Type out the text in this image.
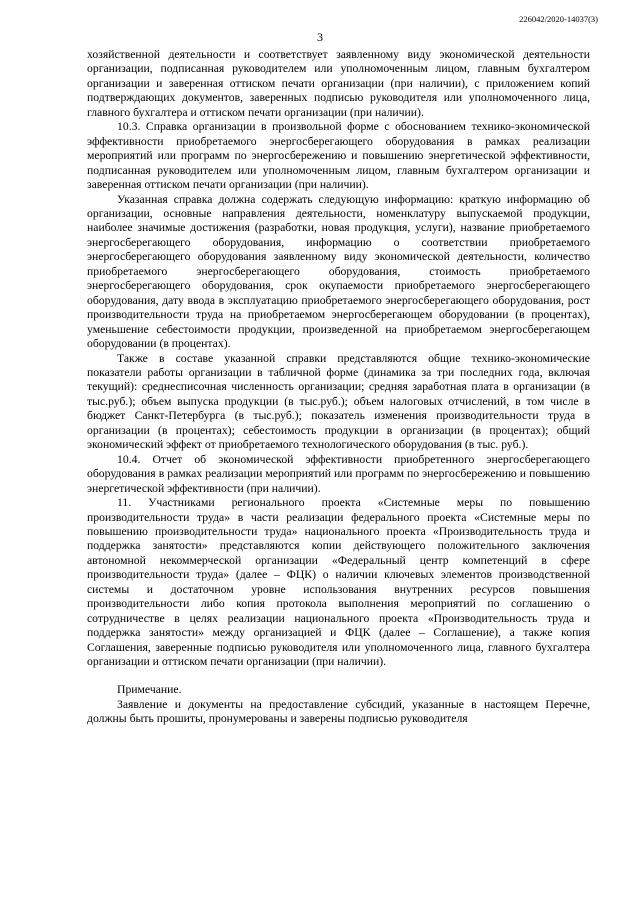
226042/2020-14037(3)
3

хозяйственной деятельности и соответствует заявленному виду экономической деятельности организации, подписанная руководителем или уполномоченным лицом, главным бухгалтером организации и заверенная оттиском печати организации (при наличии), с приложением копий подтверждающих документов, заверенных подписью руководителя или уполномоченного лица, главного бухгалтера и оттиском печати организации (при наличии).

10.3. Справка организации в произвольной форме с обоснованием технико-экономической эффективности приобретаемого энергосберегающего оборудования в рамках реализации мероприятий или программ по энергосбережению и повышению энергетической эффективности, подписанная руководителем или уполномоченным лицом, главным бухгалтером организации и заверенная оттиском печати организации (при наличии).

Указанная справка должна содержать следующую информацию: краткую информацию об организации, основные направления деятельности, номенклатуру выпускаемой продукции, наиболее значимые достижения (разработки, новая продукция, услуги), название приобретаемого энергосберегающего оборудования, информацию о соответствии приобретаемого энергосберегающего оборудования заявленному виду экономической деятельности, количество приобретаемого энергосберегающего оборудования, стоимость приобретаемого энергосберегающего оборудования, срок окупаемости приобретаемого энергосберегающего оборудования, дату ввода в эксплуатацию приобретаемого энергосберегающего оборудования, рост производительности труда на приобретаемом энергосберегающем оборудовании (в процентах), уменьшение себестоимости продукции, произведенной на приобретаемом энергосберегающем оборудовании (в процентах).

Также в составе указанной справки представляются общие технико-экономические показатели работы организации в табличной форме (динамика за три последних года, включая текущий): среднесписочная численность организации; средняя заработная плата в организации (в тыс.руб.); объем выпуска продукции (в тыс.руб.); объем налоговых отчислений, в том числе в бюджет Санкт-Петербурга (в тыс.руб.); показатель изменения производительности труда в организации (в процентах); себестоимость продукции в организации (в процентах); общий экономический эффект от приобретаемого технологического оборудования (в тыс. руб.).

10.4. Отчет об экономической эффективности приобретенного энергосберегающего оборудования в рамках реализации мероприятий или программ по энергосбережению и повышению энергетической эффективности (при наличии).

11. Участниками регионального проекта «Системные меры по повышению производительности труда» в части реализации федерального проекта «Системные меры по повышению производительности труда» национального проекта «Производительность труда и поддержка занятости» представляются копии действующего положительного заключения автономной некоммерческой организации «Федеральный центр компетенций в сфере производительности труда» (далее – ФЦК) о наличии ключевых элементов производственной системы и достаточном уровне использования внутренних ресурсов повышения производительности либо копия протокола выполнения мероприятий по соглашению о сотрудничестве в целях реализации национального проекта «Производительность труда и поддержка занятости» между организацией и ФЦК (далее – Соглашение), а также копия Соглашения, заверенные подписью руководителя или уполномоченного лица, главного бухгалтера организации и оттиском печати организации (при наличии).

Примечание.

Заявление и документы на предоставление субсидий, указанные в настоящем Перечне, должны быть прошиты, пронумерованы и заверены подписью руководителя
